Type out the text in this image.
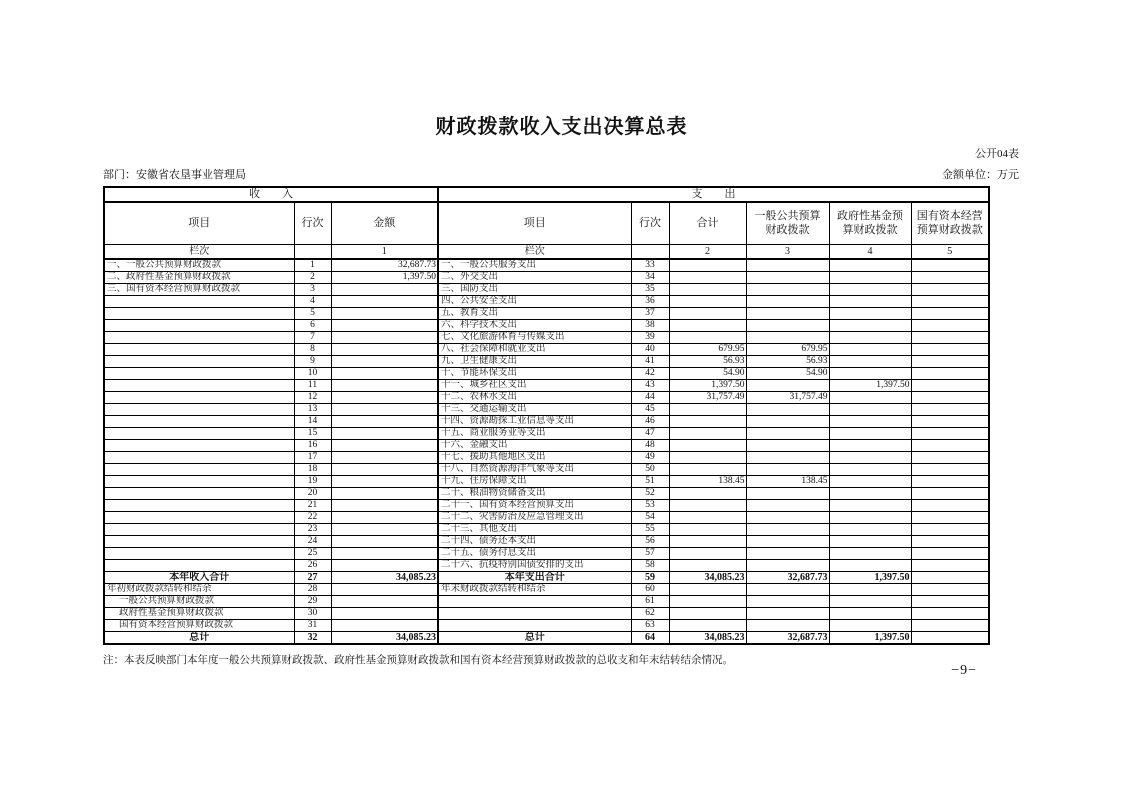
财政拨款收入支出决算总表
公开04表
部门：安徽省农垦事业管理局	金额单位：万元
收　　入			支　　出					
项目	行次	金额	项目	行次	合计	一般公共预算财政拨款	政府性基金预算财政拨款	国有资本经营预算财政拨款
栏次		1	栏次		2	3	4	5
一、一般公共预算财政拨款	1	32,687.73	一、一般公共服务支出	33				
二、政府性基金预算财政拨款	2	1,397.50	二、外交支出	34				
三、国有资本经营预算财政拨款	3		三、国防支出	35				
	4		四、公共安全支出	36				
	5		五、教育支出	37				
	6		六、科学技术支出	38				
	7		七、文化旅游体育与传媒支出	39				
	8		八、社会保障和就业支出	40	679.95	679.95		
	9		九、卫生健康支出	41	56.93	56.93		
	10		十、节能环保支出	42	54.90	54.90		
	11		十一、城乡社区支出	43	1,397.50		1,397.50	
	12		十二、农林水支出	44	31,757.49	31,757.49		
	13		十三、交通运输支出	45				
	14		十四、资源勘探工业信息等支出	46				
	15		十五、商业服务业等支出	47				
	16		十六、金融支出	48				
	17		十七、援助其他地区支出	49				
	18		十八、自然资源海洋气象等支出	50				
	19		十九、住房保障支出	51	138.45	138.45		
	20		二十、粮油物资储备支出	52				
	21		二十一、国有资本经营预算支出	53				
	22		二十二、灾害防治及应急管理支出	54				
	23		二十三、其他支出	55				
	24		二十四、债务还本支出	56				
	25		二十五、债务付息支出	57				
	26		二十六、抗疫特别国债安排的支出	58				
本年收入合计	27	34,085.23	本年支出合计	59	34,085.23	32,687.73	1,397.50	
年初财政拨款结转和结余	28		年末财政拨款结转和结余	60				
一般公共预算财政拨款	29			61				
政府性基金预算财政拨款	30			62				
国有资本经营预算财政拨款	31			63				
总计	32	34,085.23	总计	64	34,085.23	32,687.73	1,397.50	
注：本表反映部门本年度一般公共预算财政拨款、政府性基金预算财政拨款和国有资本经营预算财政拨款的总收支和年末结转结余情况。
−9−
